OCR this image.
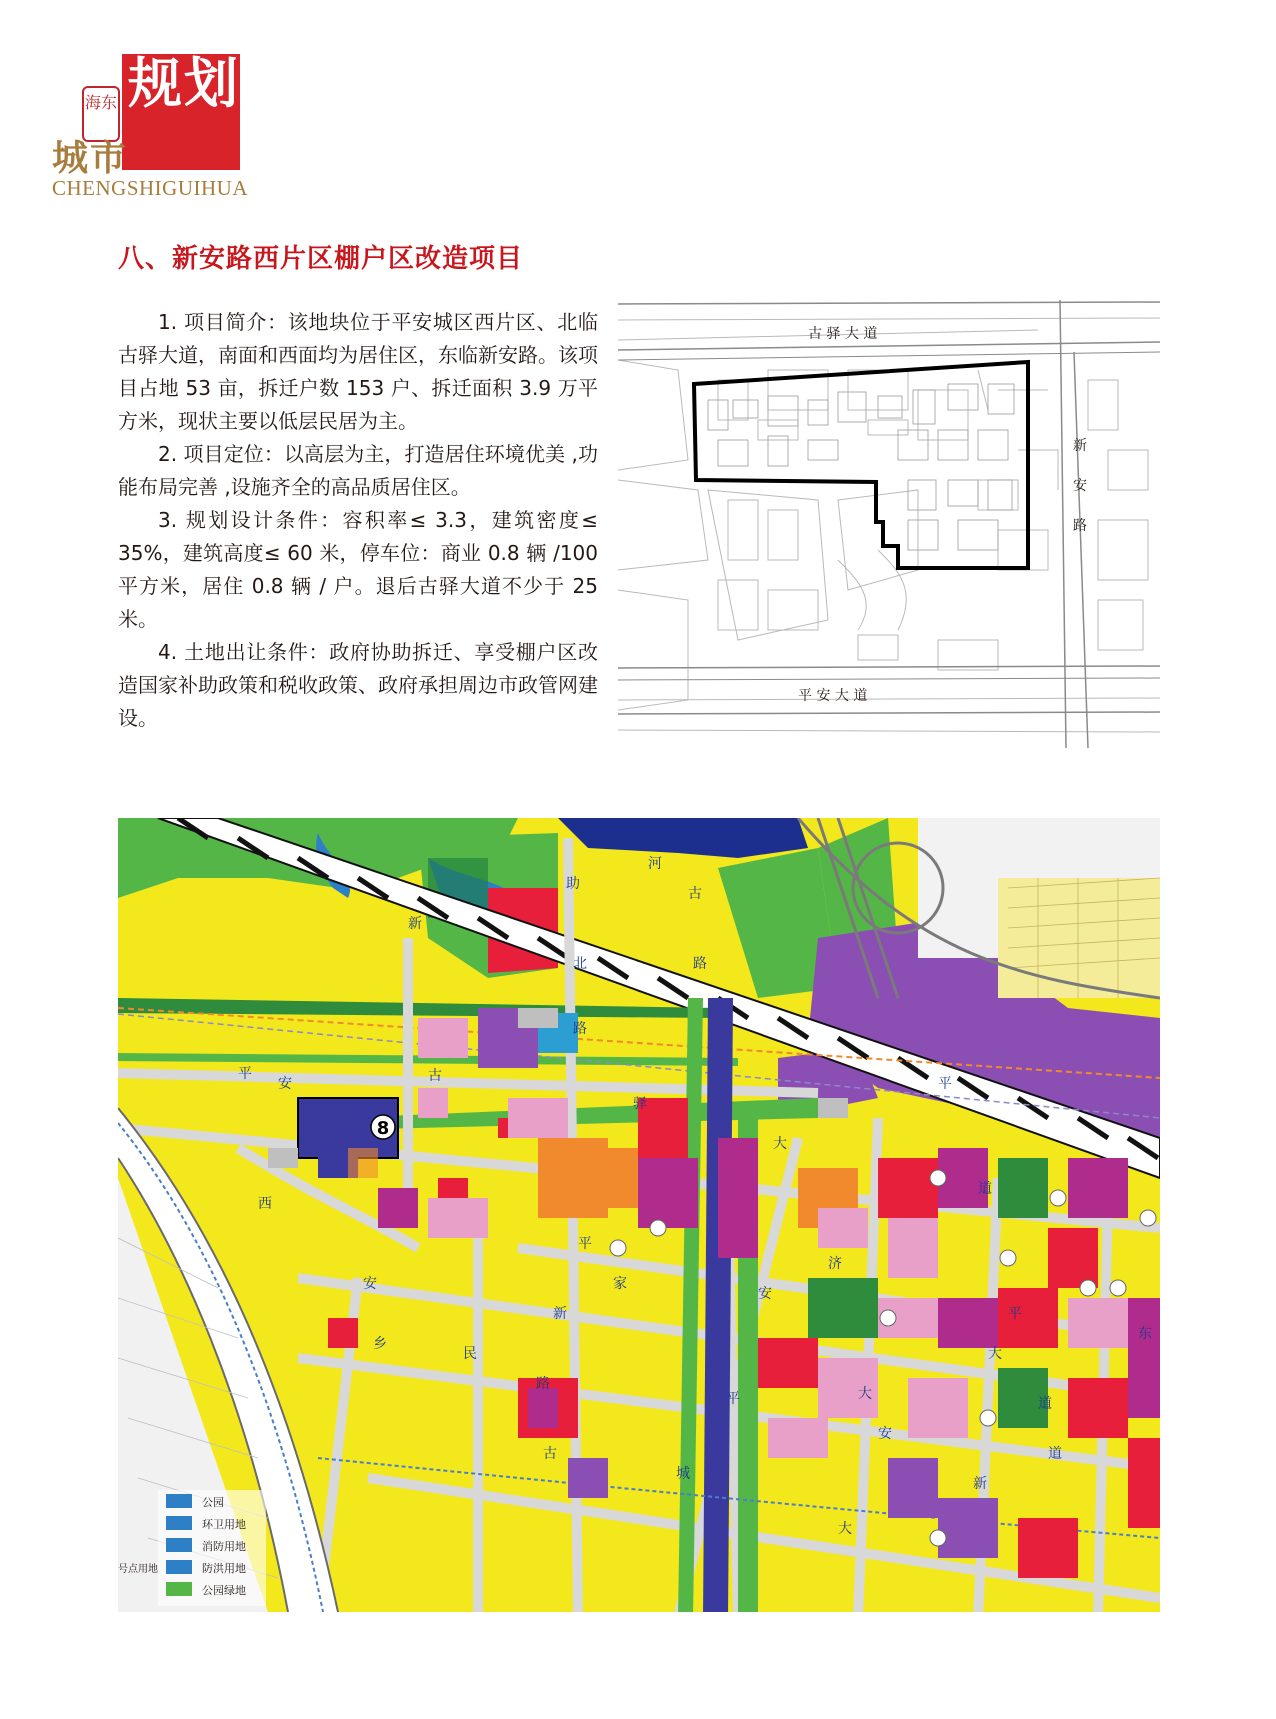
规划
海东
城市
CHENGSHIGUIHUA
八、新安路西片区棚户区改造项目

1. 项目简介：该地块位于平安城区西片区、北临古驿大道，南面和西面均为居住区，东临新安路。该项目占地 53 亩，拆迁户数 153 户、拆迁面积 3.9 万平方米，现状主要以低层民居为主。

2. 项目定位：以高层为主，打造居住环境优美 ,功能布局完善 ,设施齐全的高品质居住区。

3. 规划设计条件：容积率≤ 3.3，建筑密度≤ 35%，建筑高度≤ 60 米，停车位：商业 0.8 辆 /100 平方米，居住 0.8 辆 / 户。退后古驿大道不少于 25 米。

4. 土地出让条件：政府协助拆迁、享受棚户区改造国家补助政策和税收政策、政府承担周边市政管网建设。

古 驿 大 道
新
安
路
平 安 大 道
8
平
安	古
驿
大
道
平
新
助
北
路
河
古
路
西
安
乡
民
新
平
家
路
古
城
大
安
平
大
平
道
安
大
道
新
济
东
公园
环卫用地
消防用地
防洪用地
公园绿地
号点用地
